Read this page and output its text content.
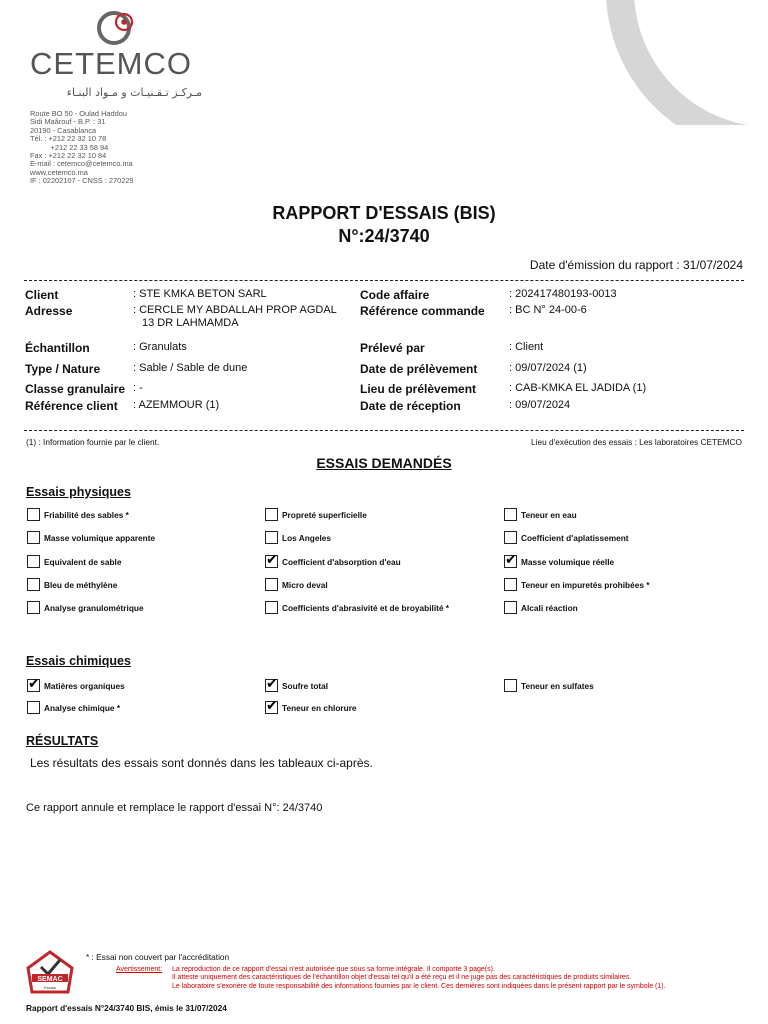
CETEMCO
مـركـز تـقـنيـات و مـواد البنـاء
Route BO 50 - Oulad Haddou
Sidi Maârouf - B.P. : 31
20190 - Casablanca
Tél. : +212 22 32 10 78
+212 22 33 58 94
Fax : +212 22 32 10 84
E-mail : cetemco@cetemco.ma
www.cetemco.ma
IF : 02202107 - CNSS : 270229
RAPPORT D'ESSAIS (BIS)
N°:24/3740
Date d'émission du rapport : 31/07/2024
Client	: STE KMKA BETON SARL
Adresse	: CERCLE MY ABDALLAH PROP AGDAL
13 DR LAHMAMDA
Échantillon	: Granulats
Type / Nature	: Sable / Sable de dune
Classe granulaire : -
Référence client : AZEMMOUR (1)
Code affaire	: 202417480193-0013
Référence commande : BC N° 24-00-6
Prélevé par	: Client
Date de prélèvement	: 09/07/2024 (1)
Lieu de prélèvement	: CAB-KMKA EL JADIDA (1)
Date de réception	: 09/07/2024
(1) : Information fournie par le client.	Lieu d'exécution des essais : Les laboratoires CETEMCO
ESSAIS DEMANDÉS
Essais physiques
Friabilité des sables *	Propreté superficielle	Teneur en eau
Masse volumique apparente	Los Angeles	Coefficient d'aplatissement
Equivalent de sable ✔	Coefficient d'absorption d'eau ✔	Masse volumique réelle
Bleu de méthylène	Micro deval	Teneur en impuretés prohibées *
Analyse granulométrique	Coefficients d'abrasivité et de broyabilité *	Alcali réaction
Essais chimiques
✔
Matières organiques ✔	Soufre total	Teneur en sulfates
Analyse chimique * ✔	Teneur en chlorure
RÉSULTATS
Les résultats des essais sont donnés dans les tableaux ci-après.
Ce rapport annule et remplace le rapport d'essai N°: 24/3740
SEMAC
Essais
* : Essai non couvert par l'accréditation
Avertissement: La reproduction de ce rapport d'essai n'est autorisée que sous sa forme intégrale. Il comporte 3 page(s).
Il atteste uniquement des caractéristiques de l'échantillon objet d'essai tel qu'il a été reçu et il ne juge pas des caractéristiques de produits similaires.
Le laboratoire s'exonère de toute responsabilité des informations fournies par le client. Ces dernières sont indiquées dans le présent rapport par le symbole (1).
Rapport d'essais N°24/3740 BIS, émis le 31/07/2024
